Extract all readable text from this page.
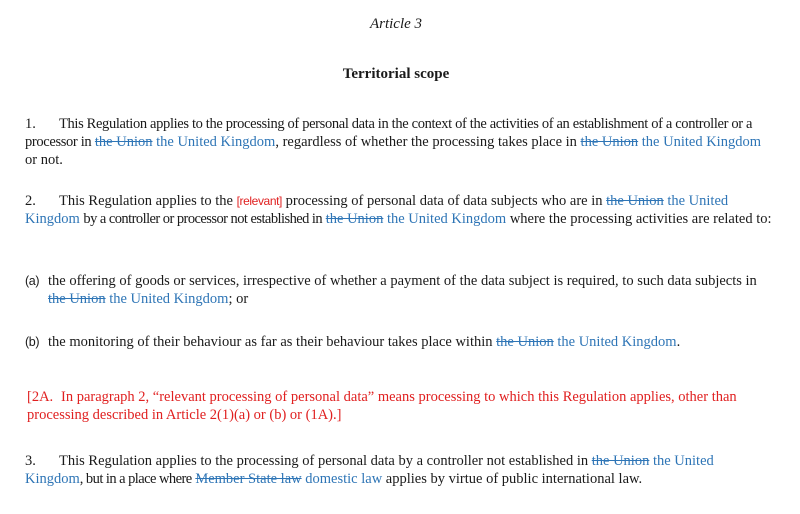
Article 3
Territorial scope
1. This Regulation applies to the processing of personal data in the context of the activities of an establishment of a controller or a processor in the Union the United Kingdom, regardless of whether the processing takes place in the Union the United Kingdom or not.
2. This Regulation applies to the [relevant] processing of personal data of data subjects who are in the Union the United Kingdom by a controller or processor not established in the Union the United Kingdom where the processing activities are related to:
(a) the offering of goods or services, irrespective of whether a payment of the data subject is required, to such data subjects in the Union the United Kingdom; or
(b) the monitoring of their behaviour as far as their behaviour takes place within the Union the United Kingdom.
[2A. In paragraph 2, “relevant processing of personal data” means processing to which this Regulation applies, other than processing described in Article 2(1)(a) or (b) or (1A).]
3. This Regulation applies to the processing of personal data by a controller not established in the Union the United Kingdom, but in a place where Member State law domestic law applies by virtue of public international law.
